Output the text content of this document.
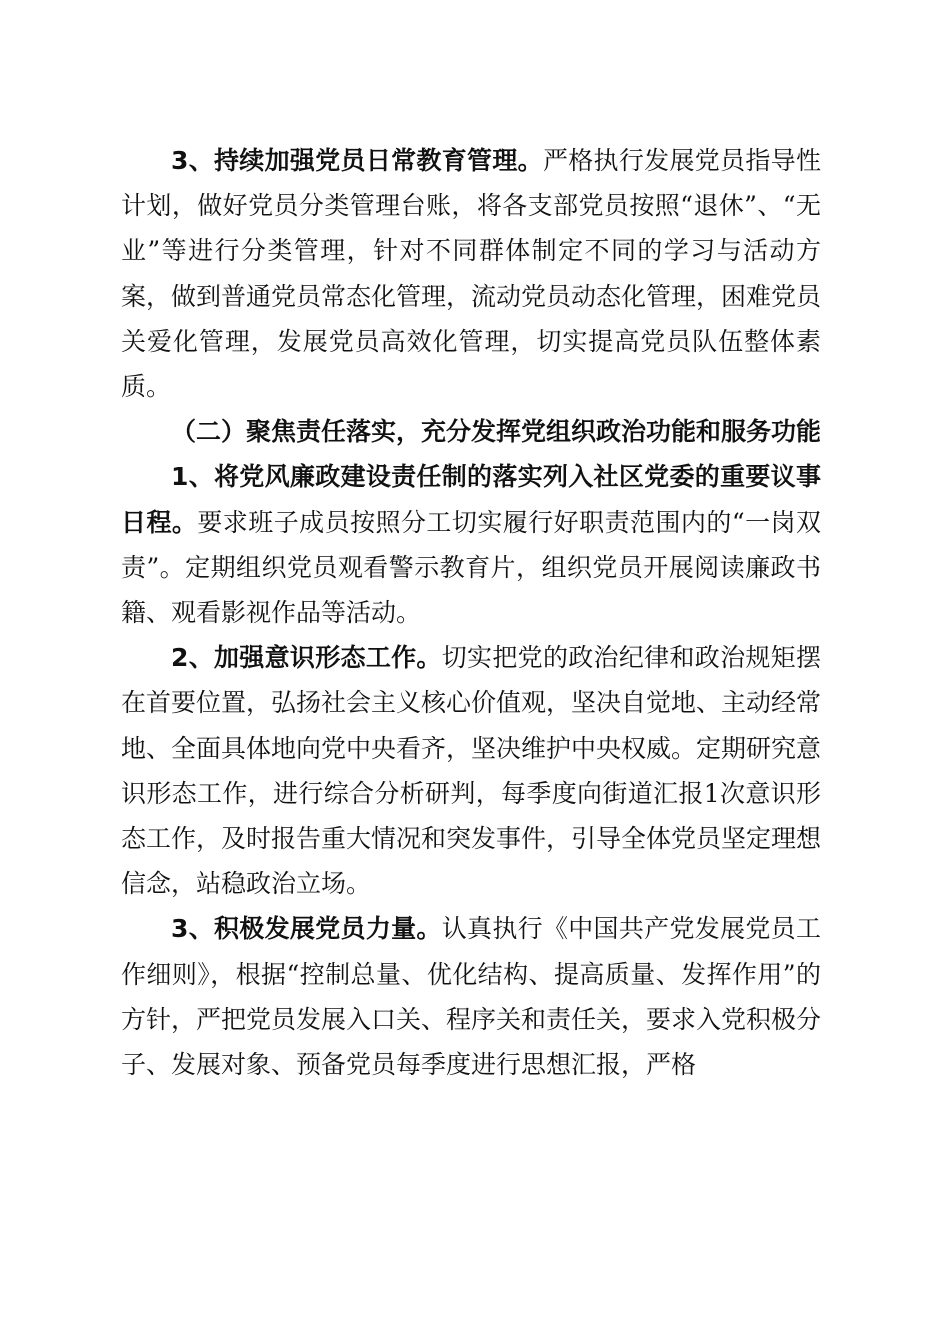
3、持续加强党员日常教育管理。严格执行发展党员指导性计划，做好党员分类管理台账，将各支部党员按照“退休”、“无业”等进行分类管理，针对不同群体制定不同的学习与活动方案，做到普通党员常态化管理，流动党员动态化管理，困难党员关爱化管理，发展党员高效化管理，切实提高党员队伍整体素质。

（二）聚焦责任落实，充分发挥党组织政治功能和服务功能

1、将党风廉政建设责任制的落实列入社区党委的重要议事日程。要求班子成员按照分工切实履行好职责范围内的“一岗双责”。定期组织党员观看警示教育片，组织党员开展阅读廉政书籍、观看影视作品等活动。

2、加强意识形态工作。切实把党的政治纪律和政治规矩摆在首要位置，弘扬社会主义核心价值观，坚决自觉地、主动经常地、全面具体地向党中央看齐，坚决维护中央权威。定期研究意识形态工作，进行综合分析研判，每季度向街道汇报1次意识形态工作，及时报告重大情况和突发事件，引导全体党员坚定理想信念，站稳政治立场。

3、积极发展党员力量。认真执行《中国共产党发展党员工作细则》，根据“控制总量、优化结构、提高质量、发挥作用”的方针，严把党员发展入口关、程序关和责任关，要求入党积极分子、发展对象、预备党员每季度进行思想汇报，严格
